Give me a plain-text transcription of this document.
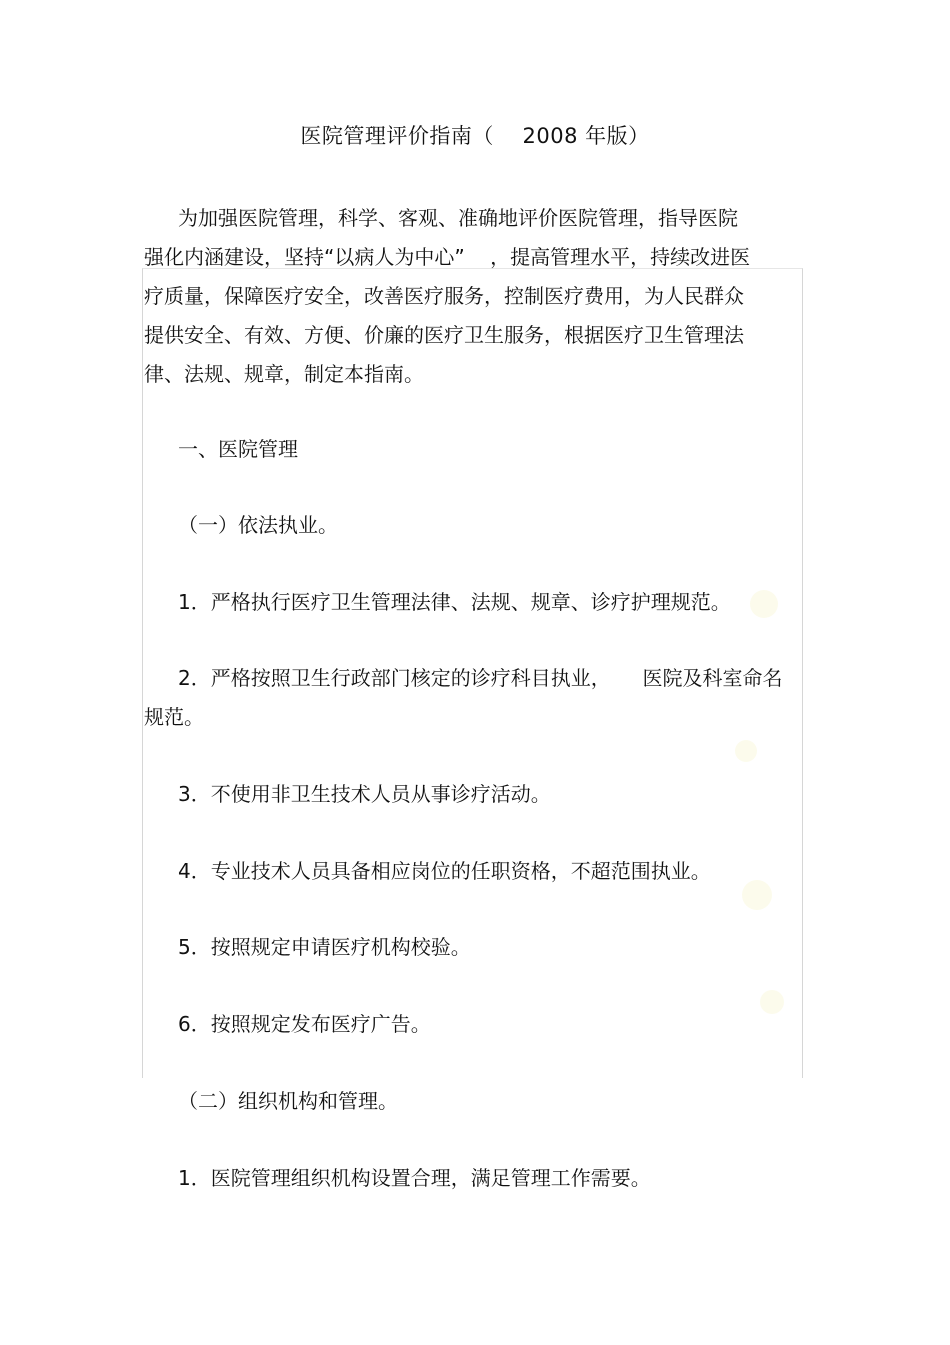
医院管理评价指南（    2008 年版）
为加强医院管理，科学、客观、准确地评价医院管理，指导医院
强化内涵建设，坚持“以病人为中心”    ，提高管理水平，持续改进医
疗质量，保障医疗安全，改善医疗服务，控制医疗费用，为人民群众
提供安全、有效、方便、价廉的医疗卫生服务，根据医疗卫生管理法
律、法规、规章，制定本指南。
一、医院管理
（一）依法执业。
1．严格执行医疗卫生管理法律、法规、规章、诊疗护理规范。
2．严格按照卫生行政部门核定的诊疗科目执业，     医院及科室命名
规范。
3．不使用非卫生技术人员从事诊疗活动。
4．专业技术人员具备相应岗位的任职资格，不超范围执业。
5．按照规定申请医疗机构校验。
6．按照规定发布医疗广告。
（二）组织机构和管理。
1．医院管理组织机构设置合理，满足管理工作需要。
